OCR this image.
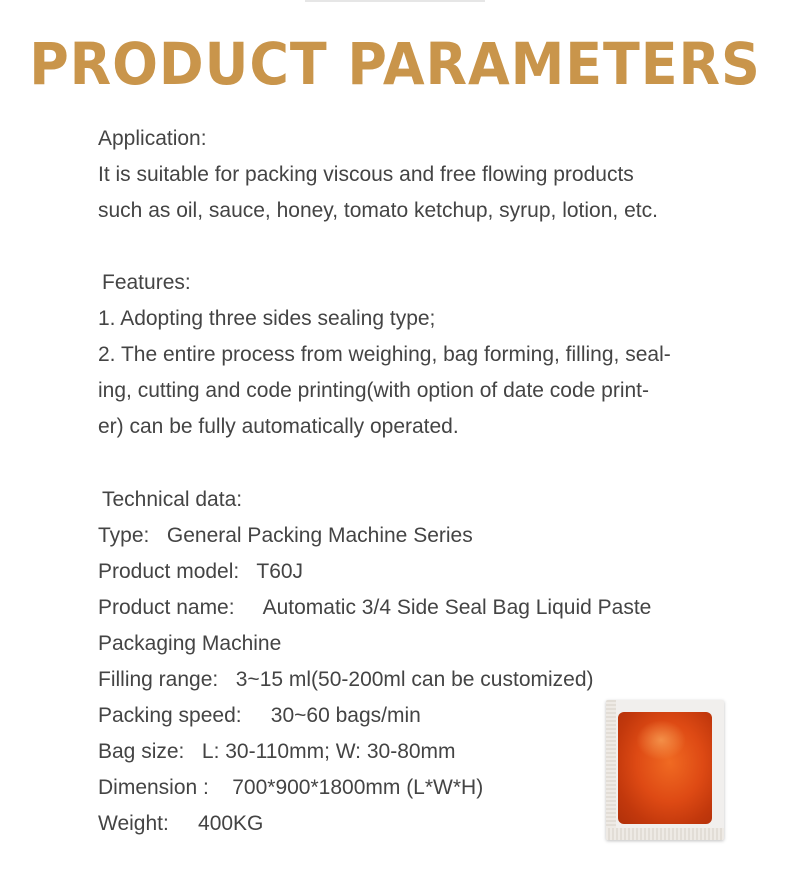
PRODUCT PARAMETERS
Application:
It is suitable for packing viscous and free flowing products
such as oil, sauce, honey, tomato ketchup, syrup, lotion, etc.
Features:
1. Adopting three sides sealing type;
2. The entire process from weighing, bag forming, filling, seal-
ing, cutting and code printing(with option of date code print-
er) can be fully automatically operated.
Technical data:
Type: General Packing Machine Series
Product model: T60J
Product name: Automatic 3/4 Side Seal Bag Liquid Paste
Packaging Machine
Filling range: 3~15 ml(50-200ml can be customized)
Packing speed: 30~60 bags/min
Bag size: L: 30-110mm; W: 30-80mm
Dimension : 700*900*1800mm (L*W*H)
Weight: 400KG
